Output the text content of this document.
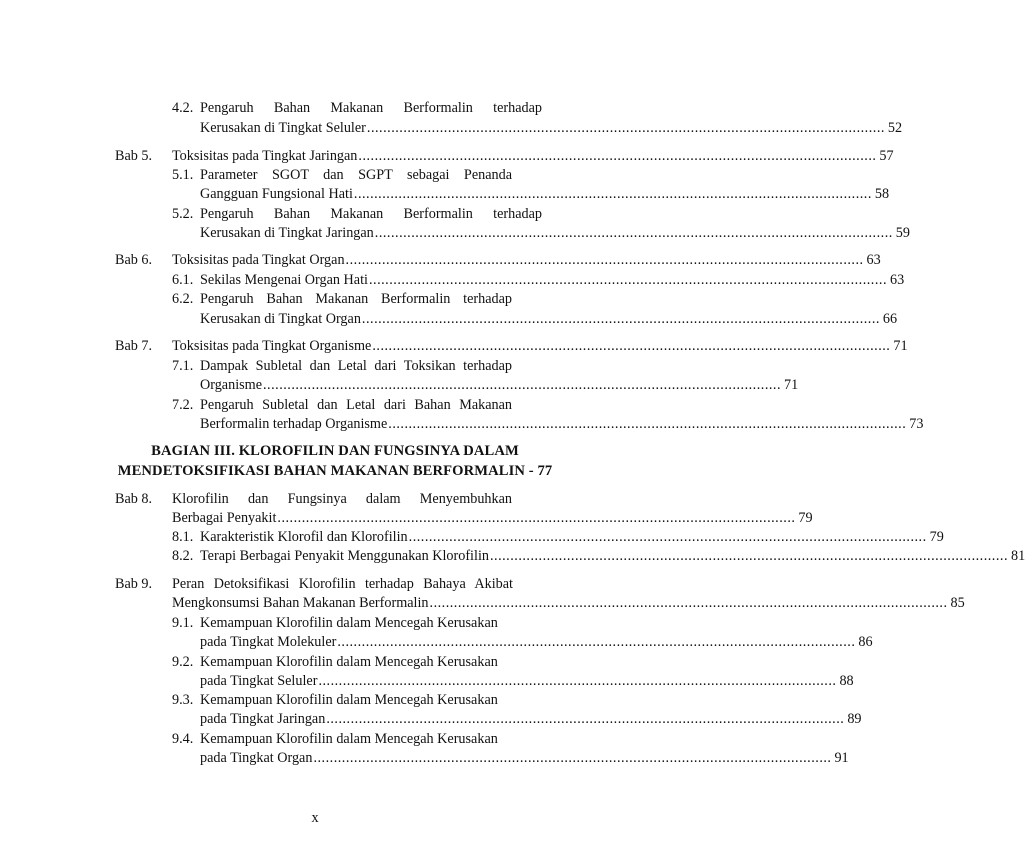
4.2. Pengaruh Bahan Makanan Berformalin terhadap
Kerusakan di Tingkat Seluler ................................................................................................................................ 52
Bab 5. Toksisitas pada Tingkat Jaringan ................................................................................................................................ 57
5.1. Parameter SGOT dan SGPT sebagai Penanda
Gangguan Fungsional Hati ................................................................................................................................ 58
5.2. Pengaruh Bahan Makanan Berformalin terhadap
Kerusakan di Tingkat Jaringan ................................................................................................................................ 59
Bab 6. Toksisitas pada Tingkat Organ ................................................................................................................................ 63
6.1. Sekilas Mengenai Organ Hati ................................................................................................................................ 63
6.2. Pengaruh Bahan Makanan Berformalin terhadap
Kerusakan di Tingkat Organ ................................................................................................................................ 66
Bab 7. Toksisitas pada Tingkat Organisme ................................................................................................................................ 71
7.1. Dampak Subletal dan Letal dari Toksikan terhadap
Organisme ................................................................................................................................ 71
7.2. Pengaruh Subletal dan Letal dari Bahan Makanan
Berformalin terhadap Organisme ................................................................................................................................ 73
BAGIAN III. KLOROFILIN DAN FUNGSINYA DALAM
MENDETOKSIFIKASI BAHAN MAKANAN BERFORMALIN - 77
Bab 8. Klorofilin dan Fungsinya dalam Menyembuhkan
Berbagai Penyakit ................................................................................................................................ 79
8.1. Karakteristik Klorofil dan Klorofilin ................................................................................................................................ 79
8.2. Terapi Berbagai Penyakit Menggunakan Klorofilin ................................................................................................................................ 81
Bab 9. Peran Detoksifikasi Klorofilin terhadap Bahaya Akibat
Mengkonsumsi Bahan Makanan Berformalin ................................................................................................................................ 85
9.1. Kemampuan Klorofilin dalam Mencegah Kerusakan
pada Tingkat Molekuler ................................................................................................................................ 86
9.2. Kemampuan Klorofilin dalam Mencegah Kerusakan
pada Tingkat Seluler ................................................................................................................................ 88
9.3. Kemampuan Klorofilin dalam Mencegah Kerusakan
pada Tingkat Jaringan ................................................................................................................................ 89
9.4. Kemampuan Klorofilin dalam Mencegah Kerusakan
pada Tingkat Organ ................................................................................................................................ 91
x
